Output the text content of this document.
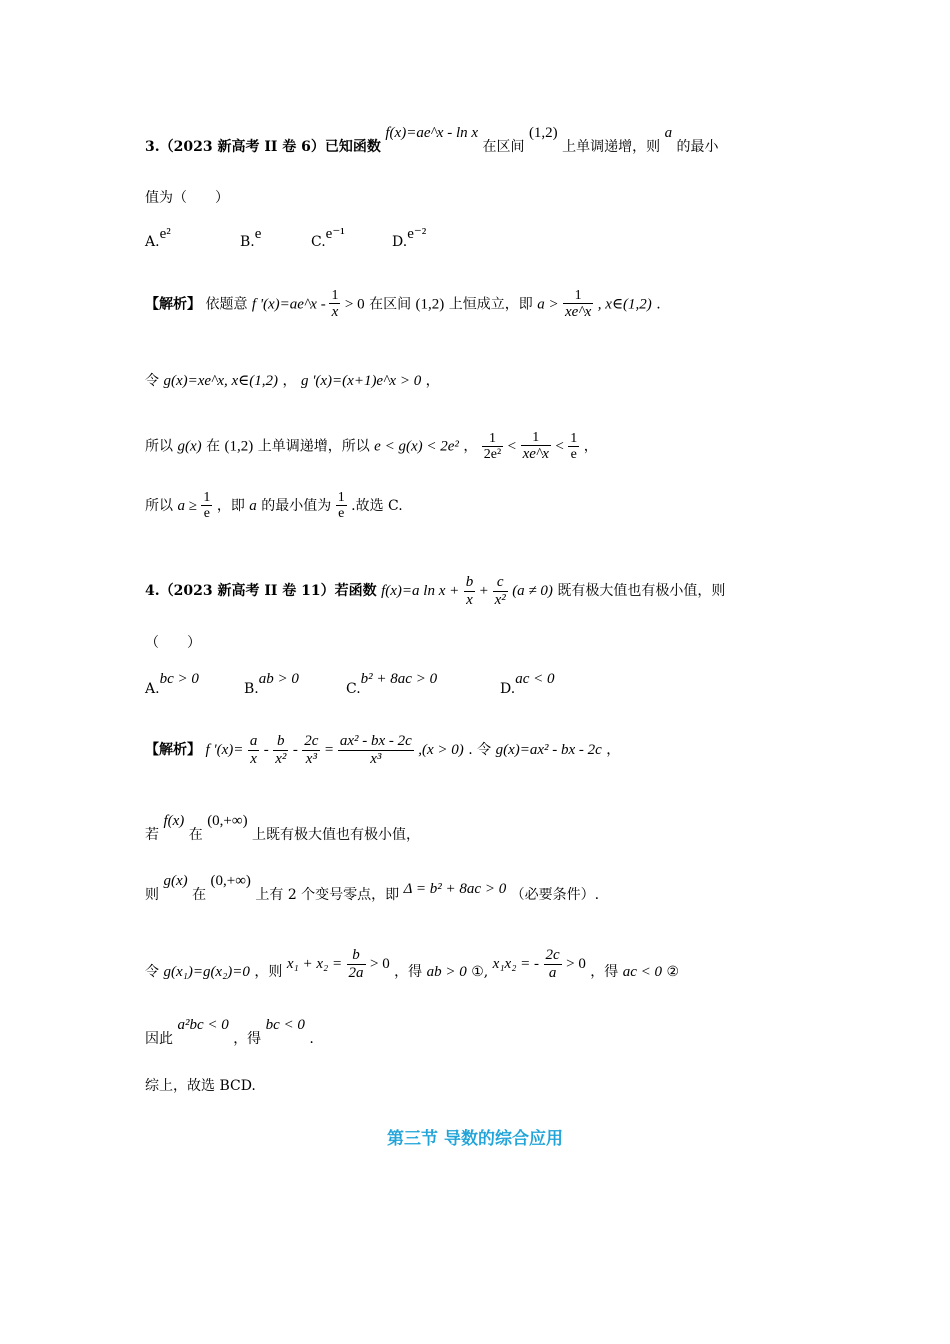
3.（2023 新高考 II 卷 6）已知函数 f(x)=ae^x - ln x 在区间 (1,2) 上单调递增，则 a 的最小
值为（　　）
A.e²	B.e	C.e⁻¹	D.e⁻²
【解析】 依题意 f '(x)=ae^x - $\frac{1}{x} > 0$ 在区间 (1,2) 上恒成立，即 $a > \frac{1}{xe\^{}x}$ , x∈(1,2) .
令 g(x)=xe^x, x∈(1,2) ， g '(x)=(x+1)e^x > 0 ，
所以 g(x) 在 (1,2) 上单调递增，所以 e < g(x) < 2e² ， $\frac{1}{\text{2e²}} < \frac{1}{xe\^{}x} < \frac{1}{e}$ ，
所以 $a \ge \frac{1}{e}$ ，即 a 的最小值为 $\frac{1}{e}$ .故选 C.
4.（2023 新高考 II 卷 11）若函数 f(x)=a $\ln x + \frac{b}{x} + \frac{c}{\text{x²}} (a \ne 0)$ 既有极大值也有极小值，则
（　　）
A.bc > 0
B.ab > 0
C.b² + 8ac > 0
D.ac < 0
【解析】 f '$(x)= \frac{a}{x} - \frac{b}{\text{x²}} - \frac{2c}{\text{x³}} = \frac{\text{ax² - bx - 2c}}{\text{x³}} ,(x > 0)$ . 令 g(x)=ax² - bx - 2c ，
若 f(x) 在 (0,+∞) 上既有极大值也有极小值，
则 g(x) 在 (0,+∞) 上有 2 个变号零点，即 Δ = b² + 8ac > 0 （必要条件）.
令 g(x₁)=g(x₂)=0 ，则 $x_1 + x_2 = \frac{b}{2a} > 0$ ，得 ab > 0 ①, x₁x₂ = - $\frac{2c}{a} > 0$ ，得 ac < 0 ②
因此 a²bc < 0 ，得 bc < 0 .
综上，故选 BCD.
第三节 导数的综合应用
